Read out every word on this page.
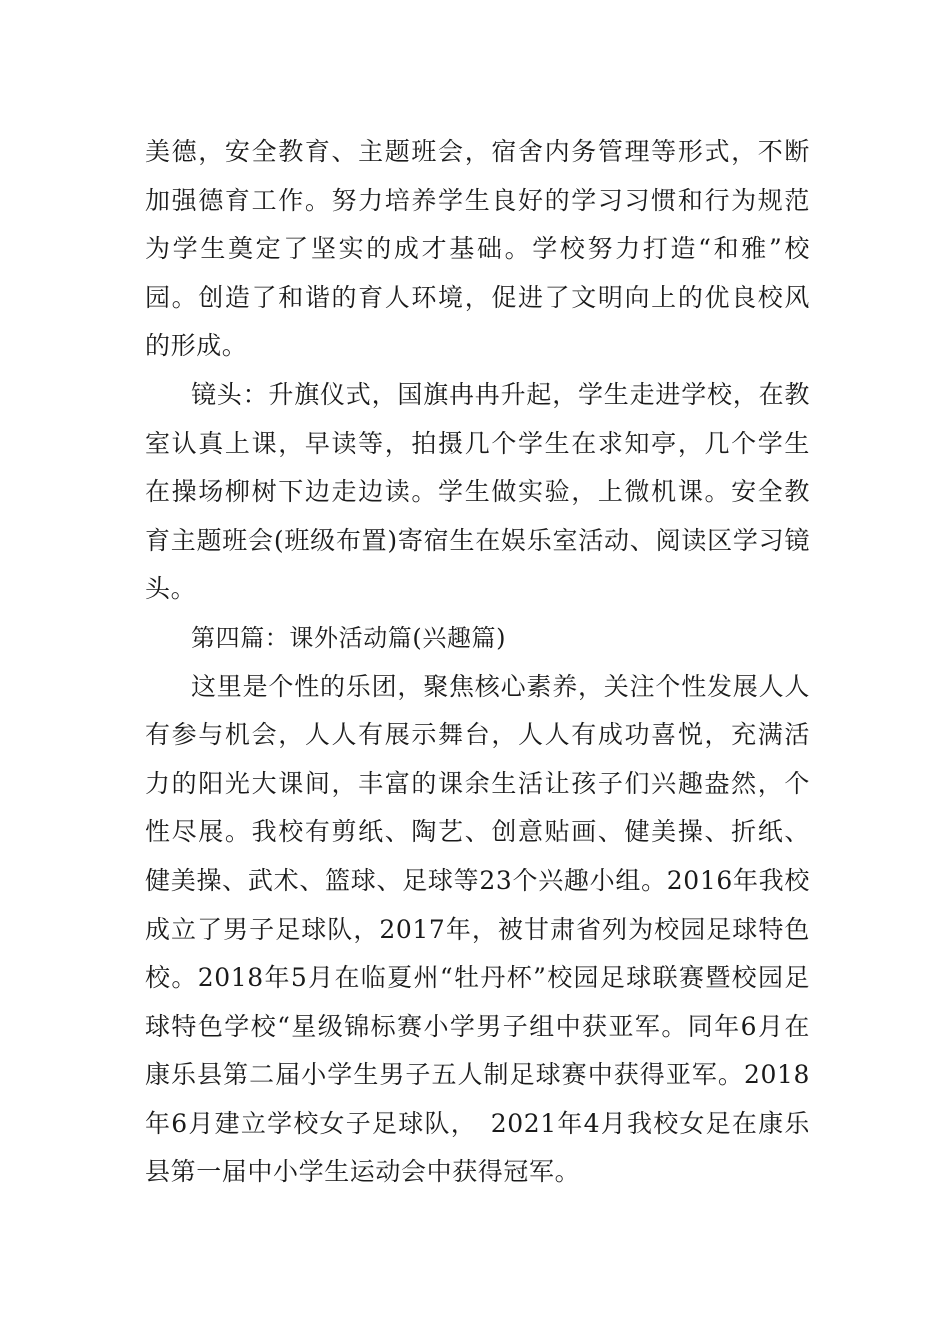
美德，安全教育、主题班会，宿舍内务管理等形式，不断加强德育工作。努力培养学生良好的学习习惯和行为规范为学生奠定了坚实的成才基础。学校努力打造“和雅”校园。创造了和谐的育人环境，促进了文明向上的优良校风的形成。

镜头：升旗仪式，国旗冉冉升起，学生走进学校，在教室认真上课，早读等，拍摄几个学生在求知亭，几个学生在操场柳树下边走边读。学生做实验，上微机课。安全教育主题班会(班级布置)寄宿生在娱乐室活动、阅读区学习镜头。

第四篇：课外活动篇(兴趣篇)

这里是个性的乐团，聚焦核心素养，关注个性发展人人有参与机会，人人有展示舞台，人人有成功喜悦，充满活力的阳光大课间，丰富的课余生活让孩子们兴趣盎然，个性尽展。我校有剪纸、陶艺、创意贴画、健美操、折纸、健美操、武术、篮球、足球等23个兴趣小组。2016年我校成立了男子足球队，2017年，被甘肃省列为校园足球特色校。2018年5月在临夏州“牡丹杯”校园足球联赛暨校园足球特色学校“星级锦标赛小学男子组中获亚军。同年6月在康乐县第二届小学生男子五人制足球赛中获得亚军。2018年6月建立学校女子足球队，　2021年4月我校女足在康乐县第一届中小学生运动会中获得冠军。
